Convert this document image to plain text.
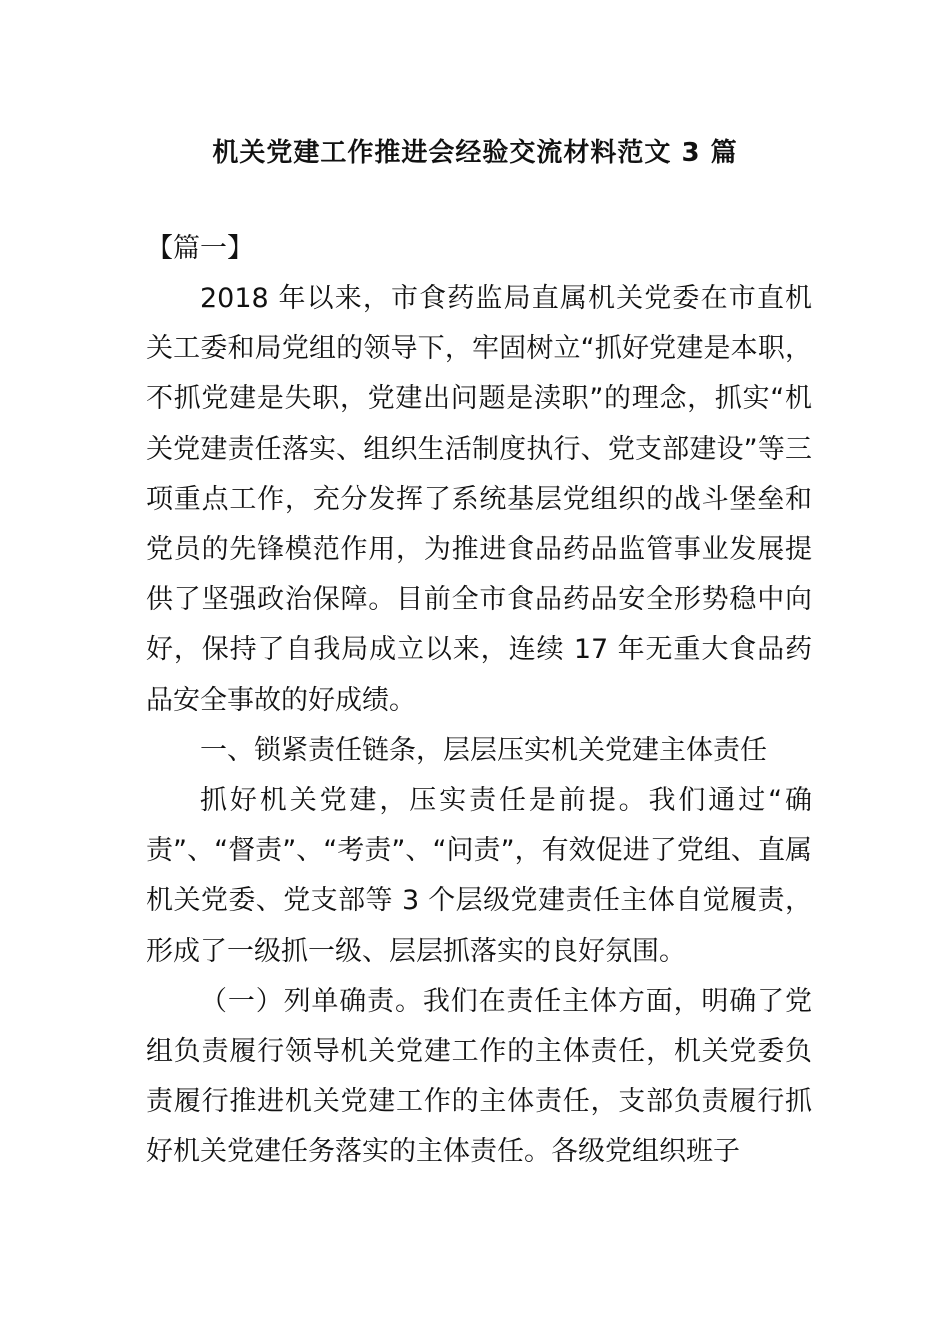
机关党建工作推进会经验交流材料范文 3 篇
【篇一】

2018 年以来，市食药监局直属机关党委在市直机关工委和局党组的领导下，牢固树立“抓好党建是本职，不抓党建是失职，党建出问题是渎职”的理念，抓实“机关党建责任落实、组织生活制度执行、党支部建设”等三项重点工作，充分发挥了系统基层党组织的战斗堡垒和党员的先锋模范作用，为推进食品药品监管事业发展提供了坚强政治保障。目前全市食品药品安全形势稳中向好，保持了自我局成立以来，连续 17 年无重大食品药品安全事故的好成绩。

一、锁紧责任链条，层层压实机关党建主体责任

抓好机关党建，压实责任是前提。我们通过“确责”、“督责”、“考责”、“问责”，有效促进了党组、直属机关党委、党支部等 3 个层级党建责任主体自觉履责，形成了一级抓一级、层层抓落实的良好氛围。

（一）列单确责。我们在责任主体方面，明确了党组负责履行领导机关党建工作的主体责任，机关党委负责履行推进机关党建工作的主体责任，支部负责履行抓好机关党建任务落实的主体责任。各级党组织班子
